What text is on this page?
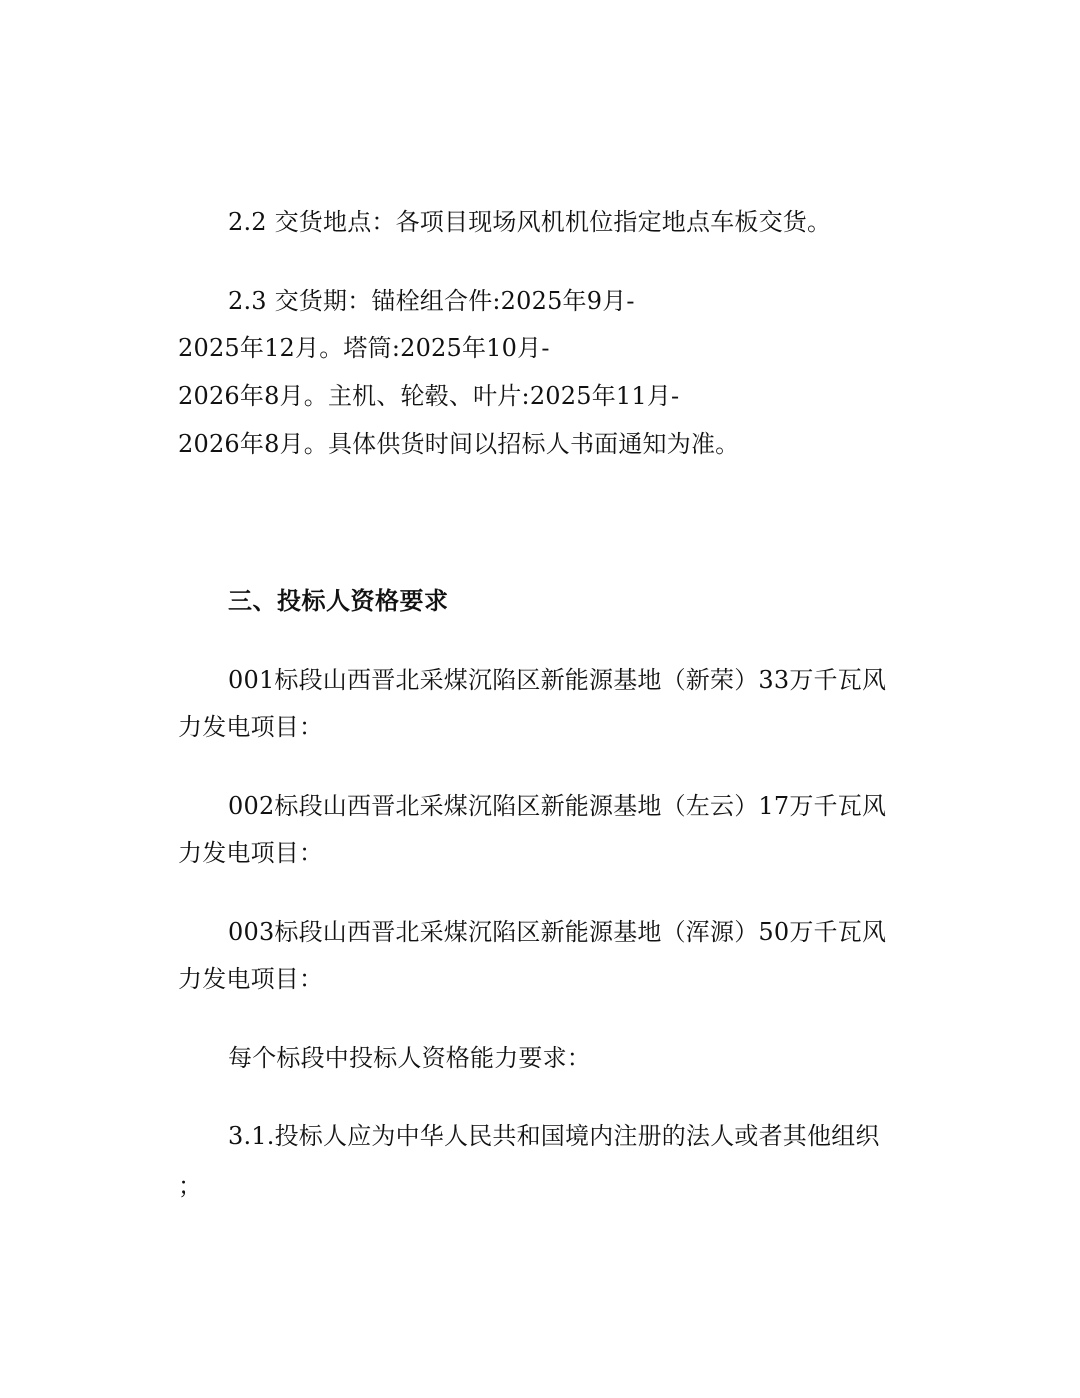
2.2 交货地点：各项目现场风机机位指定地点车板交货。
2.3 交货期：锚栓组合件:2025年9月-
2025年12月。塔筒:2025年10月-
2026年8月。主机、轮毂、叶片:2025年11月-
2026年8月。具体供货时间以招标人书面通知为准。
三、投标人资格要求
001标段山西晋北采煤沉陷区新能源基地（新荣）33万千瓦风
力发电项目：
002标段山西晋北采煤沉陷区新能源基地（左云）17万千瓦风
力发电项目：
003标段山西晋北采煤沉陷区新能源基地（浑源）50万千瓦风
力发电项目：
每个标段中投标人资格能力要求：
3.1.投标人应为中华人民共和国境内注册的法人或者其他组织
；
